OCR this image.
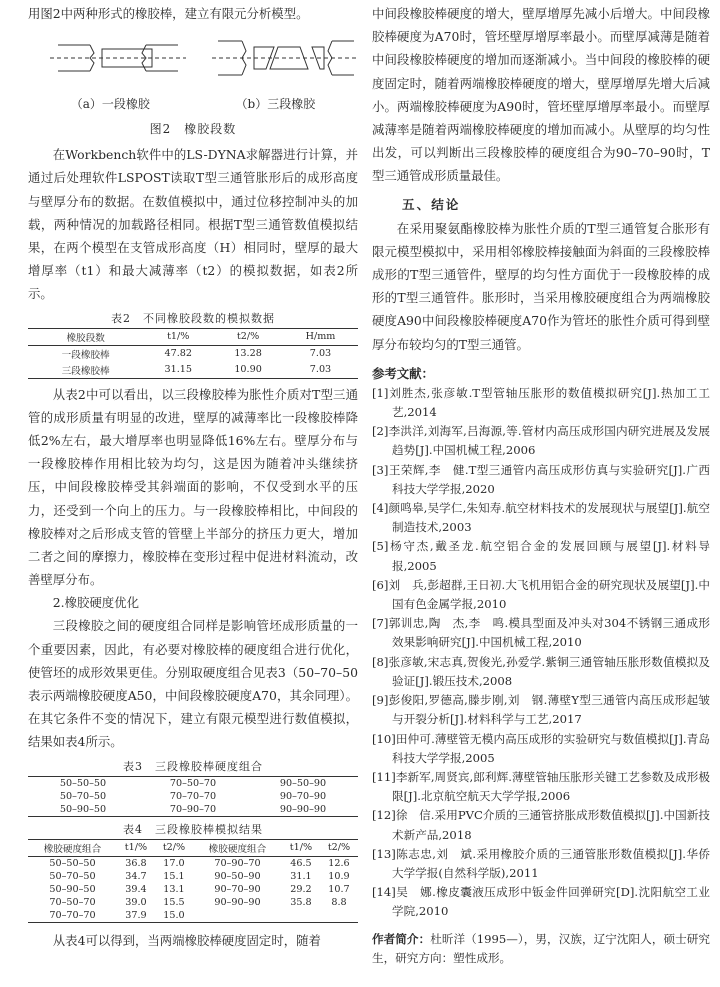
用图2中两种形式的橡胶棒，建立有限元分析模型。

（a）一段橡胶	（b）三段橡胶
图2　橡胶段数

在Workbench软件中的LS-DYNA求解器进行计算，并通过后处理软件LSPOST读取T型三通管胀形后的成形高度与壁厚分布的数据。在数值模拟中，通过位移控制冲头的加载，两种情况的加载路径相同。根据T型三通管数值模拟结果，在两个模型在支管成形高度（H）相同时，壁厚的最大增厚率（t1）和最大减薄率（t2）的模拟数据，如表2所示。

表2　不同橡胶段数的模拟数据
橡胶段数	t1/%	t2/%	H/mm
一段橡胶棒	47.82	13.28	7.03
三段橡胶棒	31.15	10.90	7.03

从表2中可以看出，以三段橡胶棒为胀性介质对T型三通管的成形质量有明显的改进，壁厚的减薄率比一段橡胶棒降低2%左右，最大增厚率也明显降低16%左右。壁厚分布与一段橡胶棒作用相比较为均匀，这是因为随着冲头继续挤压，中间段橡胶棒受其斜端面的影响，不仅受到水平的压力，还受到一个向上的压力。与一段橡胶棒相比，中间段的橡胶棒对之后形成支管的管壁上半部分的挤压力更大，增加二者之间的摩擦力，橡胶棒在变形过程中促进材料流动，改善壁厚分布。

2.橡胶硬度优化

三段橡胶之间的硬度组合同样是影响管坯成形质量的一个重要因素，因此，有必要对橡胶棒的硬度组合进行优化，使管坯的成形效果更佳。分别取硬度组合见表3（50–70–50表示两端橡胶硬度A50，中间段橡胶硬度A70，其余同理）。在其它条件不变的情况下，建立有限元模型进行数值模拟，结果如表4所示。

表3　三段橡胶棒硬度组合
50–50–50	70–50–70	90–50–90
50–70–50	70–70–70	90–70–90
50–90–50	70–90–70	90–90–90
表4　三段橡胶棒模拟结果
橡胶硬度组合	t1/%	t2/%	橡胶硬度组合	t1/%	t2/%
50–50–50	36.8	17.0	70–90–70	46.5	12.6
50–70–50	34.7	15.1	90–50–90	31.1	10.9
50–90–50	39.4	13.1	90–70–90	29.2	10.7
70–50–70	39.0	15.5	90–90–90	35.8	8.8
70–70–70	37.9	15.0			

从表4可以得到，当两端橡胶棒硬度固定时，随着

中间段橡胶棒硬度的增大，壁厚增厚先减小后增大。中间段橡胶棒硬度为A70时，管坯壁厚增厚率最小。而壁厚减薄是随着中间段橡胶棒硬度的增加而逐渐减小。当中间段的橡胶棒的硬度固定时，随着两端橡胶棒硬度的增大，壁厚增厚先增大后减小。两端橡胶棒硬度为A90时，管坯壁厚增厚率最小。而壁厚减薄率是随着两端橡胶棒硬度的增加而减小。从壁厚的均匀性出发，可以判断出三段橡胶棒的硬度组合为90–70–90时，T型三通管成形质量最佳。

五、结论

在采用聚氨酯橡胶棒为胀性介质的T型三通管复合胀形有限元模型模拟中，采用相邻橡胶棒接触面为斜面的三段橡胶棒成形的T型三通管件，壁厚的均匀性方面优于一段橡胶棒的成形的T型三通管件。胀形时，当采用橡胶硬度组合为两端橡胶硬度A90中间段橡胶棒硬度A70作为管坯的胀性介质可得到壁厚分布较均匀的T型三通管。

参考文献：
[1]刘胜杰,张彦敏.T型管轴压胀形的数值模拟研究[J].热加工工艺,2014
[2]李洪洋,刘海军,吕海源,等.管材内高压成形国内研究进展及发展趋势[J].中国机械工程,2006
[3]王荣辉,李　健.T型三通管内高压成形仿真与实验研究[J].广西科技大学学报,2020
[4]颜鸣皋,吴学仁,朱知寿.航空材料技术的发展现状与展望[J].航空制造技术,2003
[5]杨守杰,戴圣龙.航空铝合金的发展回顾与展望[J].材料导报,2005
[6]刘　兵,彭超群,王日初.大飞机用铝合金的研究现状及展望[J].中国有色金属学报,2010
[7]郭训忠,陶　杰,李　鸣.模具型面及冲头对304不锈钢三通成形效果影响研究[J].中国机械工程,2010
[8]张彦敏,宋志真,贺俊光,孙爱学.紫铜三通管轴压胀形数值模拟及验证[J].锻压技术,2008
[9]彭俊阳,罗德高,滕步刚,刘　钢.薄壁Y型三通管内高压成形起皱与开裂分析[J].材料科学与工艺,2017
[10]田仲可.薄壁管无模内高压成形的实验研究与数值模拟[J].青岛科技大学学报,2005
[11]李新军,周贤宾,郎利辉.薄壁管轴压胀形关键工艺参数及成形极限[J].北京航空航天大学学报,2006
[12]徐　信.采用PVC介质的三通管挤胀成形数值模拟[J].中国新技术新产品,2018
[13]陈志忠,刘　斌.采用橡胶介质的三通管胀形数值模拟[J].华侨大学学报(自然科学版),2011
[14]吴　娜.橡皮囊液压成形中钣金件回弹研究[D].沈阳航空工业学院,2010
作者简介：杜昕洋（1995—），男，汉族，辽宁沈阳人，硕士研究生，研究方向：塑性成形。
